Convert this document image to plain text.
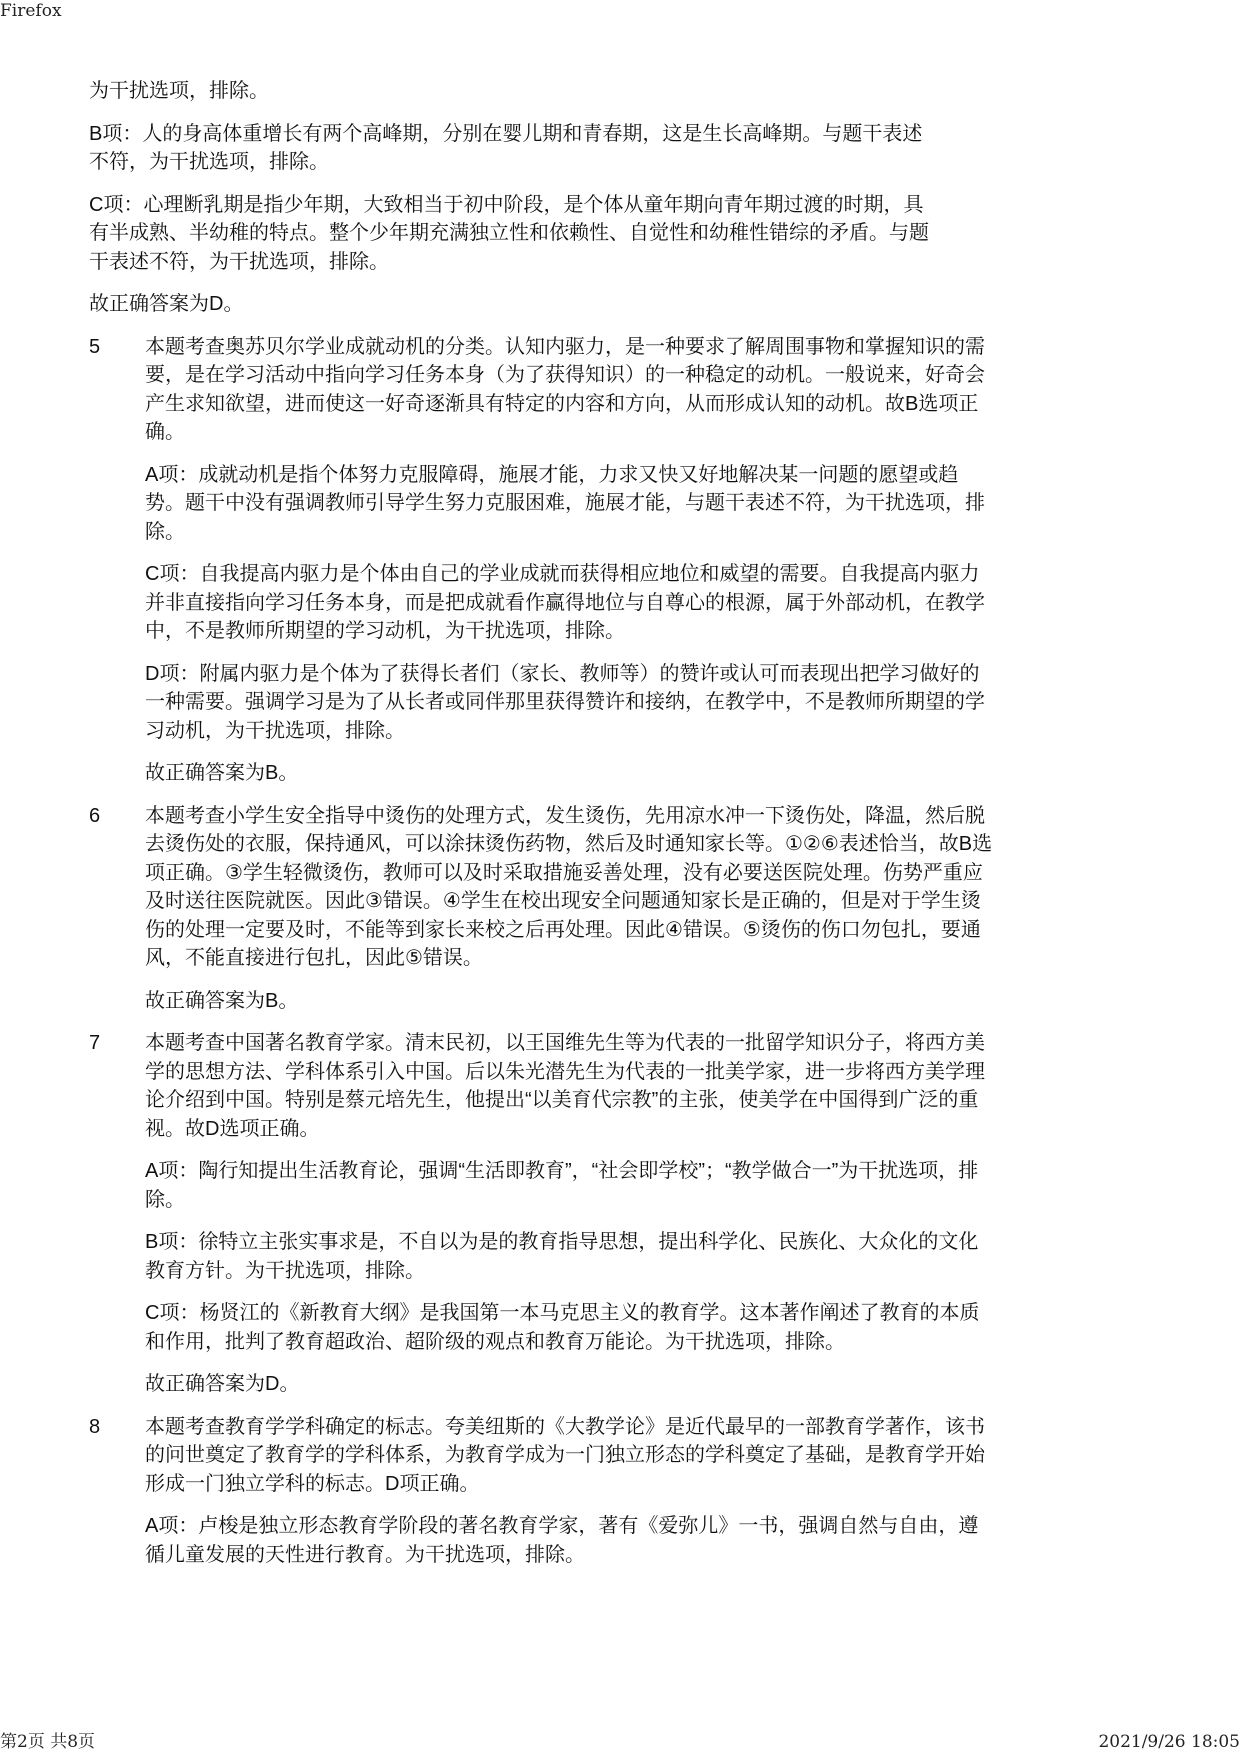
Firefox

为干扰选项，排除。

B项：人的身高体重增长有两个高峰期，分别在婴儿期和青春期，这是生长高峰期。与题干表述不符，为干扰选项，排除。

C项：心理断乳期是指少年期，大致相当于初中阶段，是个体从童年期向青年期过渡的时期，具有半成熟、半幼稚的特点。整个少年期充满独立性和依赖性、自觉性和幼稚性错综的矛盾。与题干表述不符，为干扰选项，排除。

故正确答案为D。

5	本题考查奥苏贝尔学业成就动机的分类。认知内驱力，是一种要求了解周围事物和掌握知识的需要，是在学习活动中指向学习任务本身（为了获得知识）的一种稳定的动机。一般说来，好奇会产生求知欲望，进而使这一好奇逐渐具有特定的内容和方向，从而形成认知的动机。故B选项正确。

A项：成就动机是指个体努力克服障碍，施展才能，力求又快又好地解决某一问题的愿望或趋势。题干中没有强调教师引导学生努力克服困难，施展才能，与题干表述不符，为干扰选项，排除。

C项：自我提高内驱力是个体由自己的学业成就而获得相应地位和威望的需要。自我提高内驱力并非直接指向学习任务本身，而是把成就看作赢得地位与自尊心的根源，属于外部动机，在教学中，不是教师所期望的学习动机，为干扰选项，排除。

D项：附属内驱力是个体为了获得长者们（家长、教师等）的赞许或认可而表现出把学习做好的一种需要。强调学习是为了从长者或同伴那里获得赞许和接纳，在教学中，不是教师所期望的学习动机，为干扰选项，排除。

故正确答案为B。

6	本题考查小学生安全指导中烫伤的处理方式，发生烫伤，先用凉水冲一下烫伤处，降温，然后脱去烫伤处的衣服，保持通风，可以涂抹烫伤药物，然后及时通知家长等。①②⑥表述恰当，故B选项正确。③学生轻微烫伤，教师可以及时采取措施妥善处理，没有必要送医院处理。伤势严重应及时送往医院就医。因此③错误。④学生在校出现安全问题通知家长是正确的，但是对于学生烫伤的处理一定要及时，不能等到家长来校之后再处理。因此④错误。⑤烫伤的伤口勿包扎，要通风，不能直接进行包扎，因此⑤错误。

故正确答案为B。

7	本题考查中国著名教育学家。清末民初，以王国维先生等为代表的一批留学知识分子，将西方美学的思想方法、学科体系引入中国。后以朱光潜先生为代表的一批美学家，进一步将西方美学理论介绍到中国。特别是蔡元培先生，他提出“以美育代宗教”的主张，使美学在中国得到广泛的重视。故D选项正确。

A项：陶行知提出生活教育论，强调“生活即教育”，“社会即学校”；“教学做合一”为干扰选项，排除。

B项：徐特立主张实事求是，不自以为是的教育指导思想，提出科学化、民族化、大众化的文化教育方针。为干扰选项，排除。

C项：杨贤江的《新教育大纲》是我国第一本马克思主义的教育学。这本著作阐述了教育的本质和作用，批判了教育超政治、超阶级的观点和教育万能论。为干扰选项，排除。

故正确答案为D。

8	本题考查教育学学科确定的标志。夸美纽斯的《大教学论》是近代最早的一部教育学著作，该书的问世奠定了教育学的学科体系，为教育学成为一门独立形态的学科奠定了基础，是教育学开始形成一门独立学科的标志。D项正确。

A项：卢梭是独立形态教育学阶段的著名教育学家，著有《爱弥儿》一书，强调自然与自由，遵循儿童发展的天性进行教育。为干扰选项，排除。

第2页 共8页	2021/9/26 18:05
